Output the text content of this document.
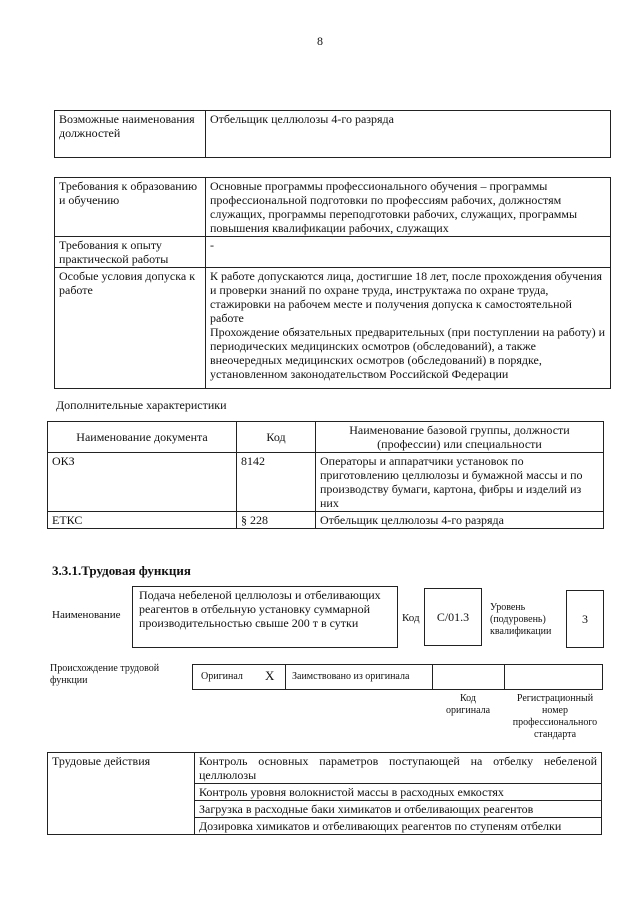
8
Возможные наименования должностей	Отбельщик целлюлозы 4-го разряда
Требования к образованию и обучению	Основные программы профессионального обучения – программы профессиональной подготовки по профессиям рабочих, должностям служащих, программы переподготовки рабочих, служащих, программы повышения квалификации рабочих, служащих
Требования к опыту практической работы	-
Особые условия допуска к работе	К работе допускаются лица, достигшие 18 лет, после прохождения обучения и проверки знаний по охране труда, инструктажа по охране труда, стажировки на рабочем месте и получения допуска к самостоятельной работе
Прохождение обязательных предварительных (при поступлении на работу) и периодических медицинских осмотров (обследований), а также внеочередных медицинских осмотров (обследований) в порядке, установленном законодательством Российской Федерации
Дополнительные характеристики
Наименование документа	Код	Наименование базовой группы, должности (профессии) или специальности
ОКЗ	8142	Операторы и аппаратчики установок по приготовлению целлюлозы и бумажной массы и по производству бумаги, картона, фибры и изделий из них
ЕТКС	§ 228	Отбельщик целлюлозы 4-го разряда
3.3.1.Трудовая функция
Наименование
Подача небеленой целлюлозы и отбеливающих реагентов в отбельную установку суммарной производительностью свыше 200 т в сутки	Код	С/01.3
Уровень (подуровень) квалификации
3
Происхождение трудовой функции	Оригинал X Заимствовано из оригинала
Код оригинала
Регистрационный номер профессионального стандарта
Трудовые действия	Контроль основных параметров поступающей на отбелку небеленой целлюлозы
Контроль уровня волокнистой массы в расходных емкостях
Загрузка в расходные баки химикатов и отбеливающих реагентов
Дозировка химикатов и отбеливающих реагентов по ступеням отбелки
